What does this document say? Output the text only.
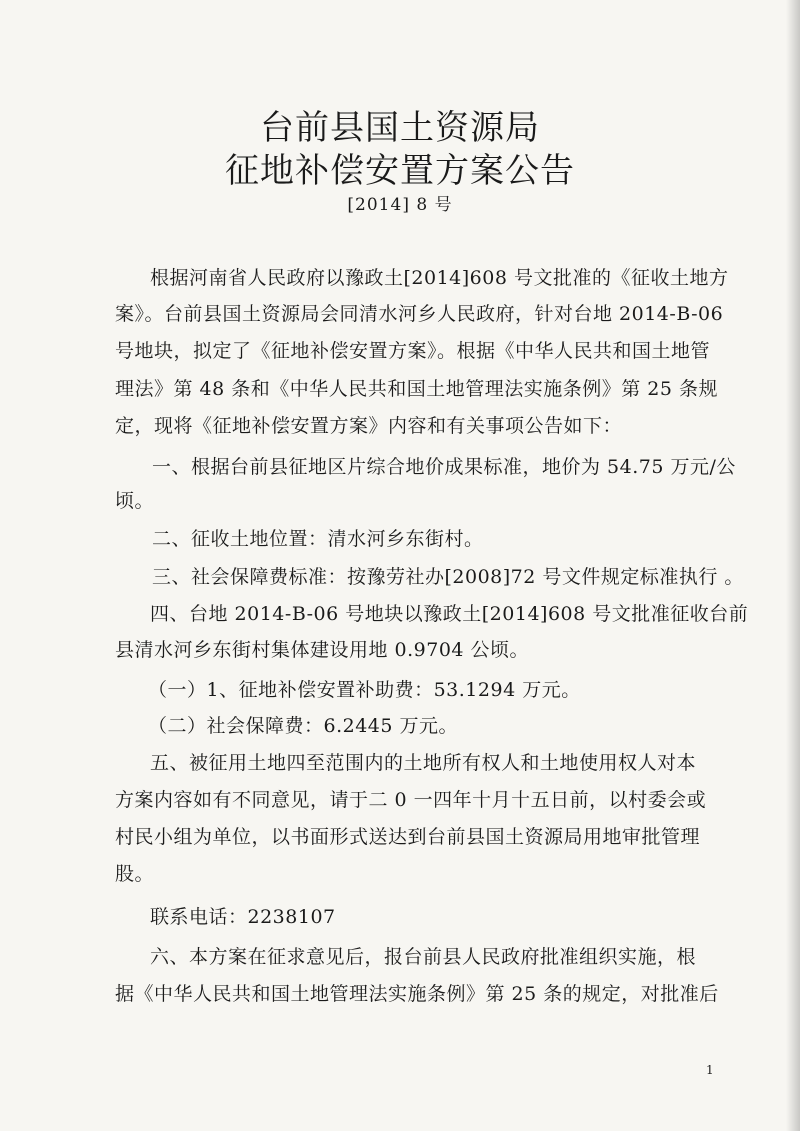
台前县国土资源局
征地补偿安置方案公告
[2014] 8 号
根据河南省人民政府以豫政土[2014]608 号文批准的《征收土地方
案》。台前县国土资源局会同清水河乡人民政府，针对台地 2014-B-06
号地块，拟定了《征地补偿安置方案》。根据《中华人民共和国土地管
理法》第 48 条和《中华人民共和国土地管理法实施条例》第 25 条规
定，现将《征地补偿安置方案》内容和有关事项公告如下：
一、根据台前县征地区片综合地价成果标准，地价为 54.75 万元/公
顷。
二、征收土地位置：清水河乡东街村。
三、社会保障费标准：按豫劳社办[2008]72 号文件规定标准执行 。
四、台地 2014-B-06 号地块以豫政土[2014]608 号文批准征收台前
县清水河乡东街村集体建设用地 0.9704 公顷。
（一）1、征地补偿安置补助费：53.1294 万元。
（二）社会保障费：6.2445 万元。
五、被征用土地四至范围内的土地所有权人和土地使用权人对本
方案内容如有不同意见，请于二 0 一四年十月十五日前，以村委会或
村民小组为单位，以书面形式送达到台前县国土资源局用地审批管理
股。
联系电话：2238107
六、本方案在征求意见后，报台前县人民政府批准组织实施，根
据《中华人民共和国土地管理法实施条例》第 25 条的规定，对批准后
1
